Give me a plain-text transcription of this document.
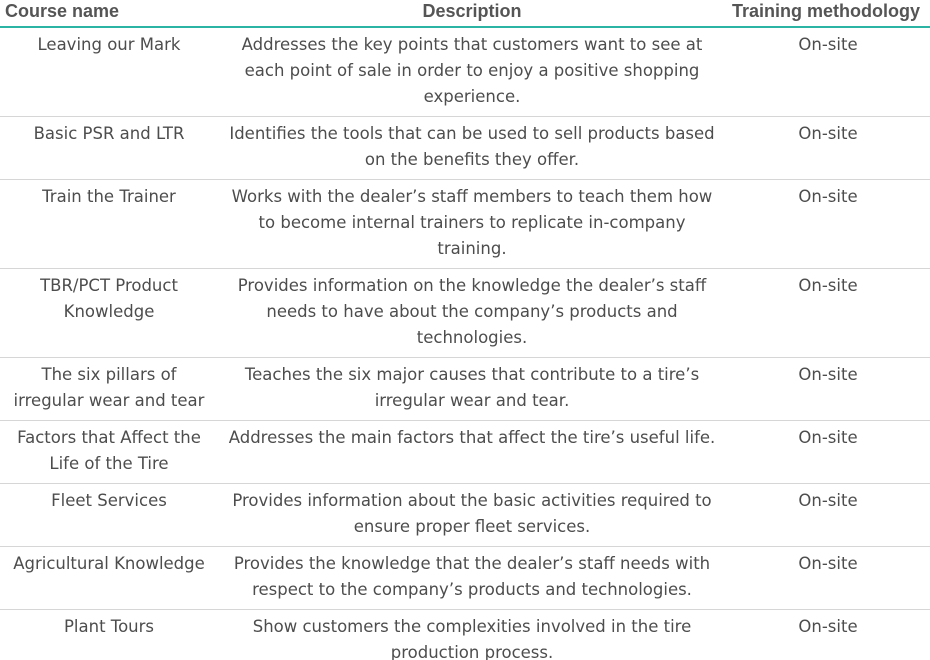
Course name	Description	Training methodology
Leaving our Mark	Addresses the key points that customers want to see at each point of sale in order to enjoy a positive shopping experience.	On-site
Basic PSR and LTR	Identifies the tools that can be used to sell products based on the benefits they offer.	On-site
Train the Trainer	Works with the dealer’s staff members to teach them how to become internal trainers to replicate in-company training.	On-site
TBR/PCT Product Knowledge	Provides information on the knowledge the dealer’s staff needs to have about the company’s products and technologies.	On-site
The six pillars of irregular wear and tear	Teaches the six major causes that contribute to a tire’s irregular wear and tear.	On-site
Factors that Affect the Life of the Tire	Addresses the main factors that affect the tire’s useful life.	On-site
Fleet Services	Provides information about the basic activities required to ensure proper fleet services.	On-site
Agricultural Knowledge	Provides the knowledge that the dealer’s staff needs with respect to the company’s products and technologies.	On-site
Plant Tours	Show customers the complexities involved in the tire production process.	On-site
